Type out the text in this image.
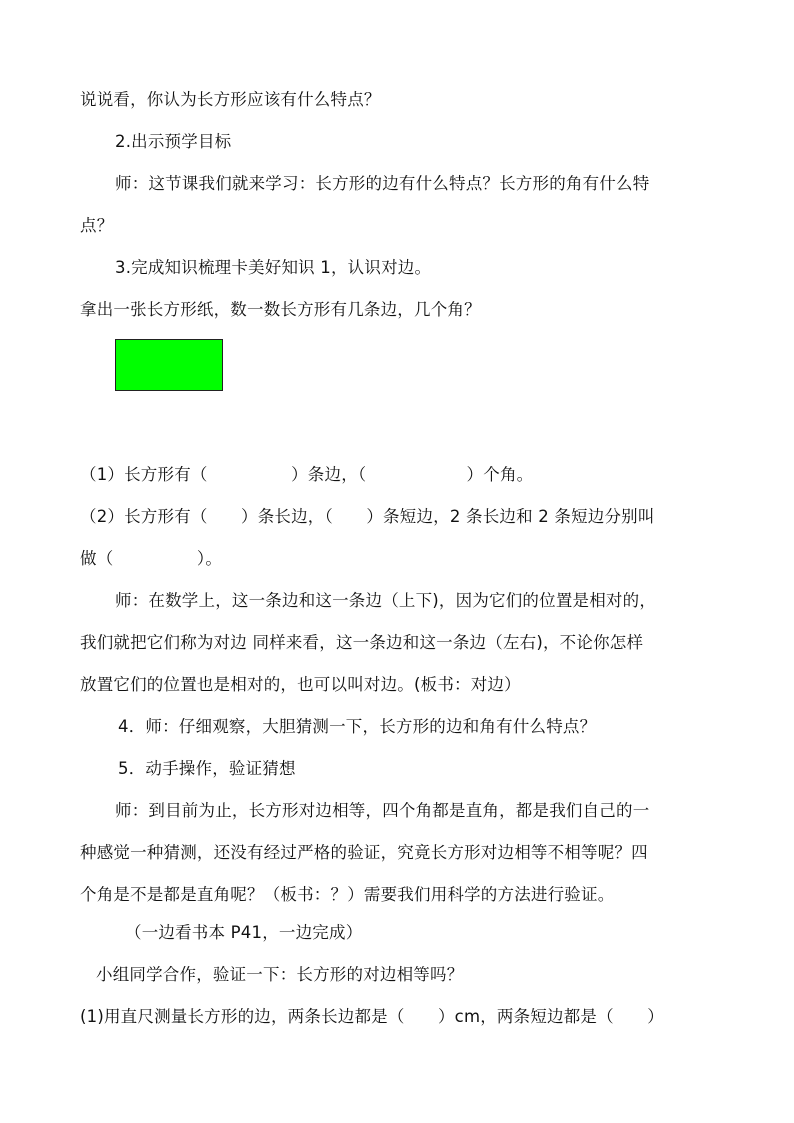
说说看，你认为长方形应该有什么特点？

2.出示预学目标

师：这节课我们就来学习：长方形的边有什么特点？长方形的角有什么特

点？

3.完成知识梳理卡美好知识 1，认识对边。

拿出一张长方形纸，数一数长方形有几条边，几个角？

（1）长方形有（　　　　　）条边，（　　　　　　）个角。

（2）长方形有（　　）条长边，（　　）条短边，2 条长边和 2 条短边分别叫

做（　　　　　）。

师：在数学上，这一条边和这一条边（上下)，因为它们的位置是相对的，

我们就把它们称为对边 同样来看，这一条边和这一条边（左右)，不论你怎样

放置它们的位置也是相对的，也可以叫对边。(板书：对边）

4．师：仔细观察，大胆猜测一下，长方形的边和角有什么特点？

5．动手操作，验证猜想

师：到目前为止，长方形对边相等，四个角都是直角，都是我们自己的一

种感觉一种猜测，还没有经过严格的验证，究竟长方形对边相等不相等呢？四

个角是不是都是直角呢？（板书：？）需要我们用科学的方法进行验证。

（一边看书本 P41，一边完成）

小组同学合作，验证一下：长方形的对边相等吗？

(1)用直尺测量长方形的边，两条长边都是（　　）cm，两条短边都是（　　）
